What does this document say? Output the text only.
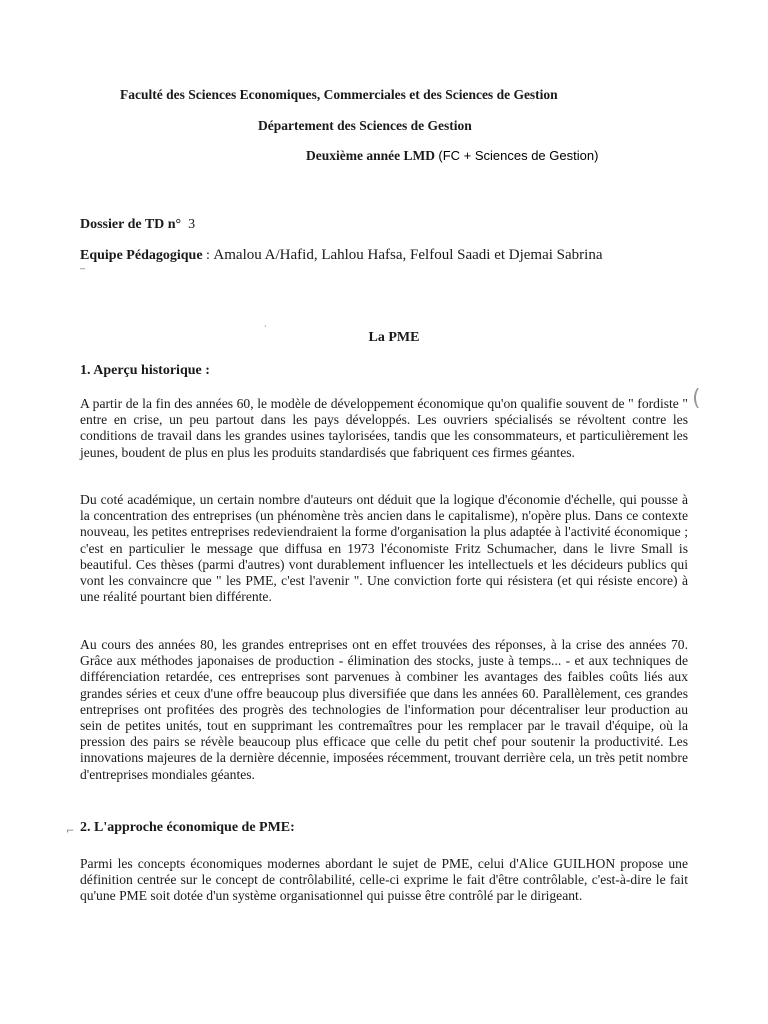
Faculté des Sciences Economiques, Commerciales et des Sciences de Gestion
Département des Sciences de Gestion
Deuxième année LMD (FC + Sciences de Gestion)
Dossier de TD n° 3
Equipe Pédagogique : Amalou A/Hafid, Lahlou Hafsa, Felfoul Saadi et Djemai Sabrina
La PME
1. Aperçu historique :
A partir de la fin des années 60, le modèle de développement économique qu'on qualifie souvent de " fordiste " entre en crise, un peu partout dans les pays développés. Les ouvriers spécialisés se révoltent contre les conditions de travail dans les grandes usines taylorisées, tandis que les consommateurs, et particulièrement les jeunes, boudent de plus en plus les produits standardisés que fabriquent ces firmes géantes.
Du coté académique, un certain nombre d'auteurs ont déduit que la logique d'économie d'échelle, qui pousse à la concentration des entreprises (un phénomène très ancien dans le capitalisme), n'opère plus. Dans ce contexte nouveau, les petites entreprises redeviendraient la forme d'organisation la plus adaptée à l'activité économique ; c'est en particulier le message que diffusa en 1973 l'économiste Fritz Schumacher, dans le livre Small is beautiful. Ces thèses (parmi d'autres) vont durablement influencer les intellectuels et les décideurs publics qui vont les convaincre que " les PME, c'est l'avenir ". Une conviction forte qui résistera (et qui résiste encore) à une réalité pourtant bien différente.
Au cours des années 80, les grandes entreprises ont en effet trouvées des réponses, à la crise des années 70. Grâce aux méthodes japonaises de production - élimination des stocks, juste à temps... - et aux techniques de différenciation retardée, ces entreprises sont parvenues à combiner les avantages des faibles coûts liés aux grandes séries et ceux d'une offre beaucoup plus diversifiée que dans les années 60. Parallèlement, ces grandes entreprises ont profitées des progrès des technologies de l'information pour décentraliser leur production au sein de petites unités, tout en supprimant les contremaîtres pour les remplacer par le travail d'équipe, où la pression des pairs se révèle beaucoup plus efficace que celle du petit chef pour soutenir la productivité. Les innovations majeures de la dernière décennie, imposées récemment, trouvant derrière cela, un très petit nombre d'entreprises mondiales géantes.
2. L'approche économique de PME:
Parmi les concepts économiques modernes abordant le sujet de PME, celui d'Alice GUILHON propose une définition centrée sur le concept de contrôlabilité, celle-ci exprime le fait d'être contrôlable, c'est-à-dire le fait qu'une PME soit dotée d'un système organisationnel qui puisse être contrôlé par le dirigeant.
‾
·
(
⌐
